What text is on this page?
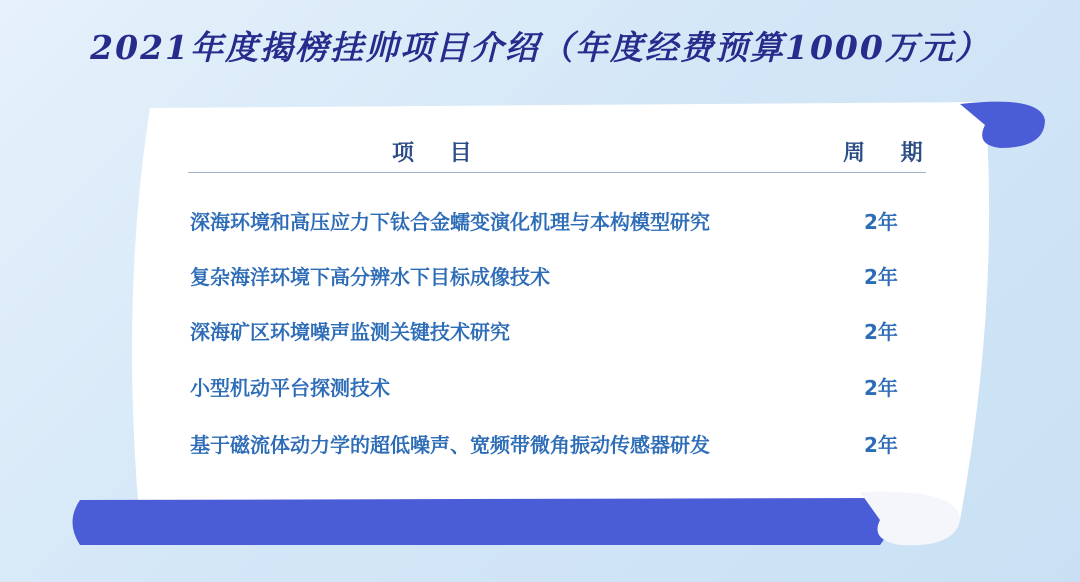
2021年度揭榜挂帅项目介绍（年度经费预算1000万元）
项 目	周 期
深海环境和高压应力下钛合金蠕变演化机理与本构模型研究	2年
复杂海洋环境下高分辨水下目标成像技术	2年
深海矿区环境噪声监测关键技术研究	2年
小型机动平台探测技术	2年
基于磁流体动力学的超低噪声、宽频带微角振动传感器研发	2年
